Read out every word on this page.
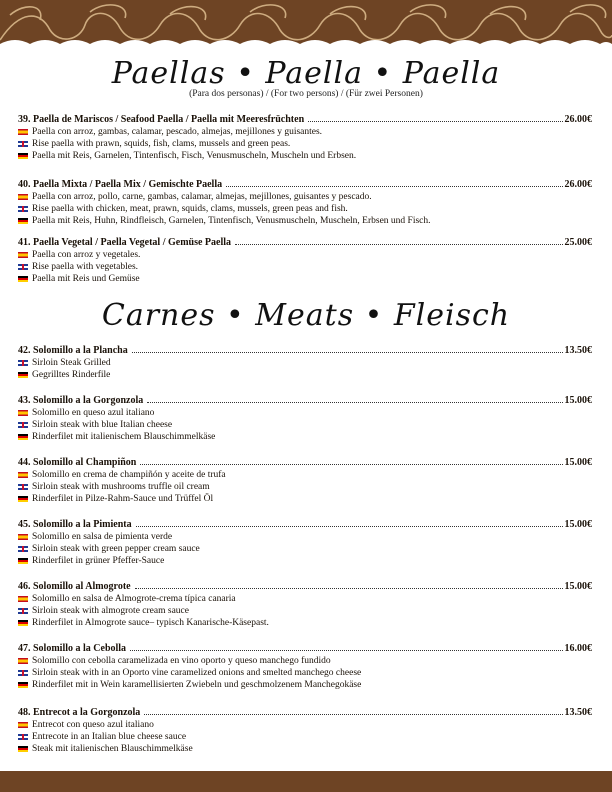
Paellas • Paella • Paella
(Para dos personas) / (For two persons) / (Für zwei Personen)
Carnes • Meats • Fleisch
39. Paella de Mariscos / Seafood Paella / Paella mit Meeresfrüchten	26.00€
Paella con arroz, gambas, calamar, pescado, almejas, mejillones y guisantes.
Rise paella with prawn, squids, fish, clams, mussels and green peas.
Paella mit Reis, Garnelen, Tintenfisch, Fisch, Venusmuscheln, Muscheln und Erbsen.
40. Paella Mixta / Paella Mix / Gemischte Paella	26.00€
Paella con arroz, pollo, carne, gambas, calamar, almejas, mejillones, guisantes y pescado.
Rise paella with chicken, meat, prawn, squids, clams, mussels, green peas and fish.
Paella mit Reis, Huhn, Rindfleisch, Garnelen, Tintenfisch, Venusmuscheln, Muscheln, Erbsen und Fisch.
41. Paella Vegetal / Paella Vegetal / Gemüse Paella	25.00€
Paella con arroz y vegetales.
Rise paella with vegetables.
Paella mit Reis und Gemüse
42. Solomillo a la Plancha	13.50€
Sirloin Steak Grilled
Gegrilltes Rinderfile
43. Solomillo a la Gorgonzola	15.00€
Solomillo en queso azul italiano
Sirloin steak with blue Italian cheese
Rinderfilet mit italienischem Blauschimmelkäse
44. Solomillo al Champiñon	15.00€
Solomillo en crema de champiñón y aceite de trufa
Sirloin steak with mushrooms truffle oil cream
Rinderfilet in Pilze-Rahm-Sauce und Trüffel Öl
45. Solomillo a la Pimienta	15.00€
Solomillo en salsa de pimienta verde
Sirloin steak with green pepper cream sauce
Rinderfilet in grüner Pfeffer-Sauce
46. Solomillo al Almogrote	15.00€
Solomillo en salsa de Almogrote-crema típica canaria
Sirloin steak with almogrote cream sauce
Rinderfilet in Almogrote sauce– typisch Kanarische-Käsepast.
47. Solomillo a la Cebolla	16.00€
Solomillo con cebolla caramelizada en vino oporto y queso manchego fundido
Sirloin steak with in an Oporto vine caramelized onions and smelted manchego cheese
Rinderfilet mit in Wein karamellisierten Zwiebeln und geschmolzenem Manchegokäse
48. Entrecot a la Gorgonzola	13.50€
Entrecot con queso azul italiano
Entrecote in an Italian blue cheese sauce
Steak mit italienischen Blauschimmelkäse
